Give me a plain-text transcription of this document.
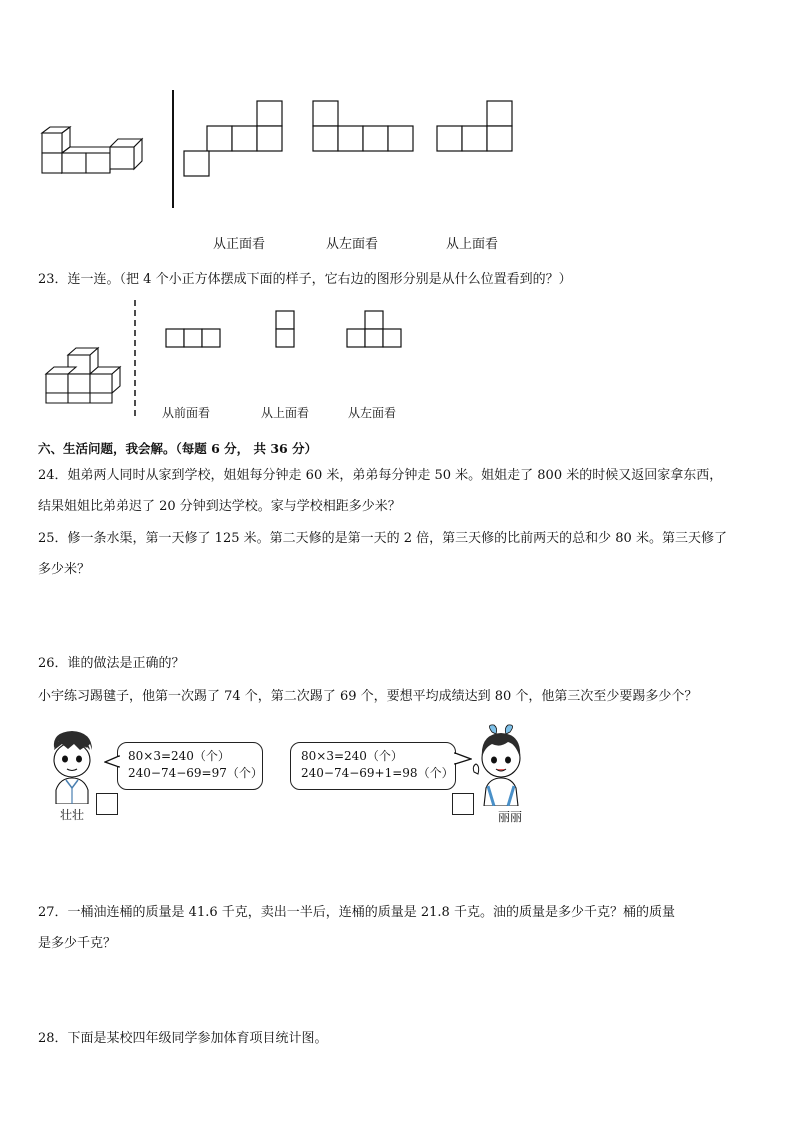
从正面看	从左面看	从上面看
23．连一连。（把 4 个小正方体摆成下面的样子，它右边的图形分别是从什么位置看到的？）
从前面看	从上面看	从左面看
六、生活问题，我会解。（每题 6 分， 共 36 分）
24．姐弟两人同时从家到学校，姐姐每分钟走 60 米，弟弟每分钟走 50 米。姐姐走了 800 米的时候又返回家拿东西，
结果姐姐比弟弟迟了 20 分钟到达学校。家与学校相距多少米？
25．修一条水渠，第一天修了 125 米。第二天修的是第一天的 2 倍，第三天修的比前两天的总和少 80 米。第三天修了
多少米？
26．谁的做法是正确的？
小宇练习踢毽子，他第一次踢了 74 个，第二次踢了 69 个，要想平均成绩达到 80 个，他第三次至少要踢多少个？
壮壮
80×3=240（个）
240−74−69=97（个）
80×3=240（个）
240−74−69+1=98（个）
丽丽
27．一桶油连桶的质量是 41.6 千克，卖出一半后，连桶的质量是 21.8 千克。油的质量是多少千克？桶的质量
是多少千克？
28．下面是某校四年级同学参加体育项目统计图。
